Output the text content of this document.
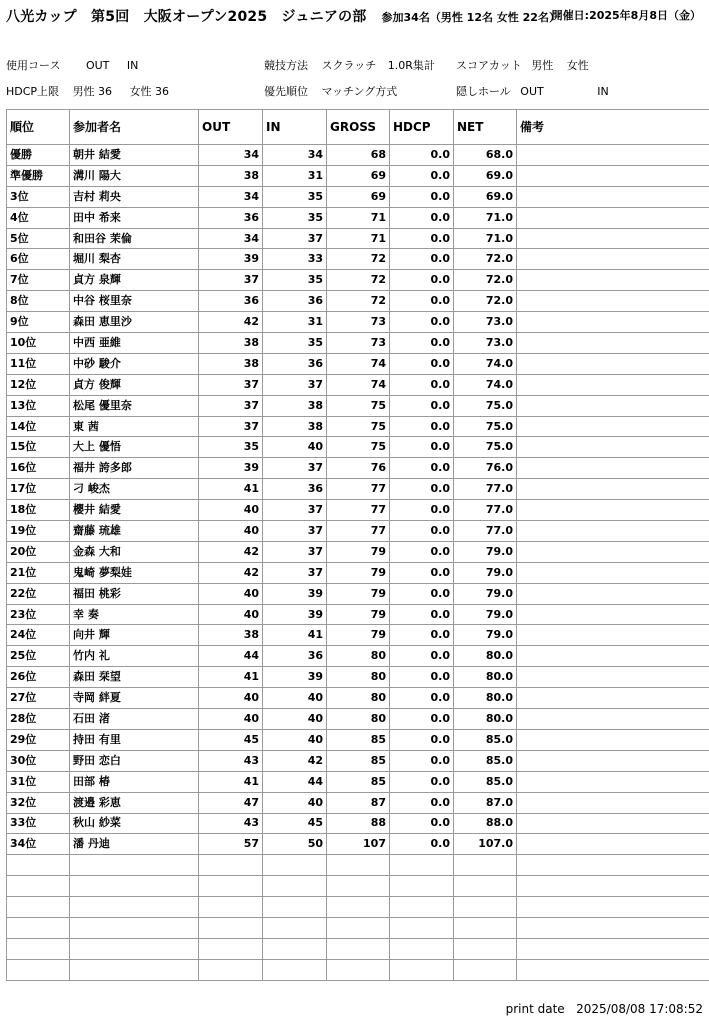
八光カップ　第5回　大阪オープン2025　ジュニアの部 参加34名（男性 12名 女性 22名）
開催日:2025年8月8日（金）
使用コース OUT IN	競技方法 スクラッチ 1.0R集計 スコアカット 男性 女性
HDCP上限 男性 36 女性 36	優先順位 マッチング方式	隠しホール OUT	IN
順位	参加者名	OUT	IN	GROSS	HDCP	NET	備考
優勝	朝井 結愛	34	34	68	0.0	68.0	
準優勝	溝川 陽大	38	31	69	0.0	69.0	
3位	吉村 莉央	34	35	69	0.0	69.0	
4位	田中 希来	36	35	71	0.0	71.0	
5位	和田谷 茉倫	34	37	71	0.0	71.0	
6位	堀川 梨杏	39	33	72	0.0	72.0	
7位	貞方 泉輝	37	35	72	0.0	72.0	
8位	中谷 桜里奈	36	36	72	0.0	72.0	
9位	森田 恵里沙	42	31	73	0.0	73.0	
10位	中西 亜維	38	35	73	0.0	73.0	
11位	中砂 駿介	38	36	74	0.0	74.0	
12位	貞方 俊輝	37	37	74	0.0	74.0	
13位	松尾 優里奈	37	38	75	0.0	75.0	
14位	東 茜	37	38	75	0.0	75.0	
15位	大上 優悟	35	40	75	0.0	75.0	
16位	福井 誇多郎	39	37	76	0.0	76.0	
17位	刁 峻杰	41	36	77	0.0	77.0	
18位	櫻井 結愛	40	37	77	0.0	77.0	
19位	齋藤 琉雄	40	37	77	0.0	77.0	
20位	金森 大和	42	37	79	0.0	79.0	
21位	鬼崎 夢梨娃	42	37	79	0.0	79.0	
22位	福田 桃彩	40	39	79	0.0	79.0	
23位	幸 奏	40	39	79	0.0	79.0	
24位	向井 輝	38	41	79	0.0	79.0	
25位	竹内 礼	44	36	80	0.0	80.0	
26位	森田 栞望	41	39	80	0.0	80.0	
27位	寺岡 絆夏	40	40	80	0.0	80.0	
28位	石田 渚	40	40	80	0.0	80.0	
29位	持田 有里	45	40	85	0.0	85.0	
30位	野田 恋白	43	42	85	0.0	85.0	
31位	田部 椿	41	44	85	0.0	85.0	
32位	渡邉 彩恵	47	40	87	0.0	87.0	
33位	秋山 紗菜	43	45	88	0.0	88.0	
34位	潘 丹迪	57	50	107	0.0	107.0	

print date 2025/08/08 17:08:52
